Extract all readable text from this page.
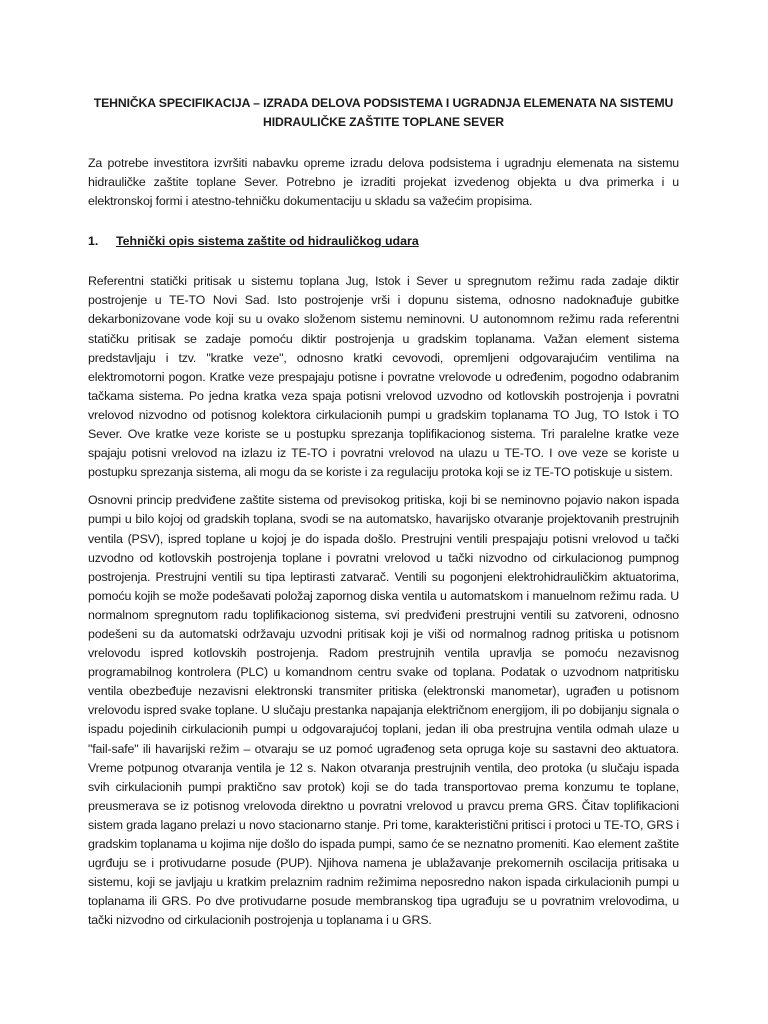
TEHNIČKA SPECIFIKACIJA – IZRADA DELOVA PODSISTEMA I UGRADNJA ELEMENATA NA SISTEMU HIDRAULIČKE ZAŠTITE TOPLANE SEVER

Za potrebe investitora izvršiti nabavku opreme izradu delova podsistema i ugradnju elemenata na sistemu hidrauličke zaštite toplane Sever. Potrebno je izraditi projekat izvedenog objekta u dva primerka i u elektronskoj formi i atestno-tehničku dokumentaciju u skladu sa važećim propisima.

1.	Tehnički opis sistema zaštite od hidrauličkog udara

Referentni statički pritisak u sistemu toplana Jug, Istok i Sever u spregnutom režimu rada zadaje diktir postrojenje u TE-TO Novi Sad. Isto postrojenje vrši i dopunu sistema, odnosno nadoknađuje gubitke dekarbonizovane vode koji su u ovako složenom sistemu neminovni. U autonomnom režimu rada referentni statičku pritisak se zadaje pomoću diktir postrojenja u gradskim toplanama. Važan element sistema predstavljaju i tzv. "kratke veze", odnosno kratki cevovodi, opremljeni odgovarajućim ventilima na elektromotorni pogon. Kratke veze prespajaju potisne i povratne vrelovode u određenim, pogodno odabranim tačkama sistema. Po jedna kratka veza spaja potisni vrelovod uzvodno od kotlovskih postrojenja i povratni vrelovod nizvodno od potisnog kolektora cirkulacionih pumpi u gradskim toplanama TO Jug, TO Istok i TO Sever. Ove kratke veze koriste se u postupku sprezanja toplifikacionog sistema. Tri paralelne kratke veze spajaju potisni vrelovod na izlazu iz TE-TO i povratni vrelovod na ulazu u TE-TO. I ove veze se koriste u postupku sprezanja sistema, ali mogu da se koriste i za regulaciju protoka koji se iz TE-TO potiskuje u sistem.

Osnovni princip predviđene zaštite sistema od previsokog pritiska, koji bi se neminovno pojavio nakon ispada pumpi u bilo kojoj od gradskih toplana, svodi se na automatsko, havarijsko otvaranje projektovanih prestrujnih ventila (PSV), ispred toplane u kojoj je do ispada došlo. Prestrujni ventili prespajaju potisni vrelovod u tački uzvodno od kotlovskih postrojenja toplane i povratni vrelovod u tački nizvodno od cirkulacionog pumpnog postrojenja. Prestrujni ventili su tipa leptirasti zatvarač. Ventili su pogonjeni elektrohidrauličkim aktuatorima, pomoću kojih se može podešavati položaj zapornog diska ventila u automatskom i manuelnom režimu rada. U normalnom spregnutom radu toplifikacionog sistema, svi predviđeni prestrujni ventili su zatvoreni, odnosno podešeni su da automatski održavaju uzvodni pritisak koji je viši od normalnog radnog pritiska u potisnom vrelovodu ispred kotlovskih postrojenja. Radom prestrujnih ventila upravlja se pomoću nezavisnog programabilnog kontrolera (PLC) u komandnom centru svake od toplana. Podatak o uzvodnom natpritisku ventila obezbeđuje nezavisni elektronski transmiter pritiska (elektronski manometar), ugrađen u potisnom vrelovodu ispred svake toplane. U slučaju prestanka napajanja električnom energijom, ili po dobijanju signala o ispadu pojedinih cirkulacionih pumpi u odgovarajućoj toplani, jedan ili oba prestrujna ventila odmah ulaze u "fail-safe" ili havarijski režim – otvaraju se uz pomoć ugrađenog seta opruga koje su sastavni deo aktuatora. Vreme potpunog otvaranja ventila je 12 s. Nakon otvaranja prestrujnih ventila, deo protoka (u slučaju ispada svih cirkulacionih pumpi praktično sav protok) koji se do tada transportovao prema konzumu te toplane, preusmerava se iz potisnog vrelovoda direktno u povratni vrelovod u pravcu prema GRS. Čitav toplifikacioni sistem grada lagano prelazi u novo stacionarno stanje. Pri tome, karakteristični pritisci i protoci u TE-TO, GRS i gradskim toplanama u kojima nije došlo do ispada pumpi, samo će se neznatno promeniti. Kao element zaštite ugrđuju se i protivudarne posude (PUP). Njihova namena je ublažavanje prekomernih oscilacija pritisaka u sistemu, koji se javljaju u kratkim prelaznim radnim režimima neposredno nakon ispada cirkulacionih pumpi u toplanama ili GRS. Po dve protivudarne posude membranskog tipa ugrađuju se u povratnim vrelovodima, u tački nizvodno od cirkulacionih postrojenja u toplanama i u GRS.
